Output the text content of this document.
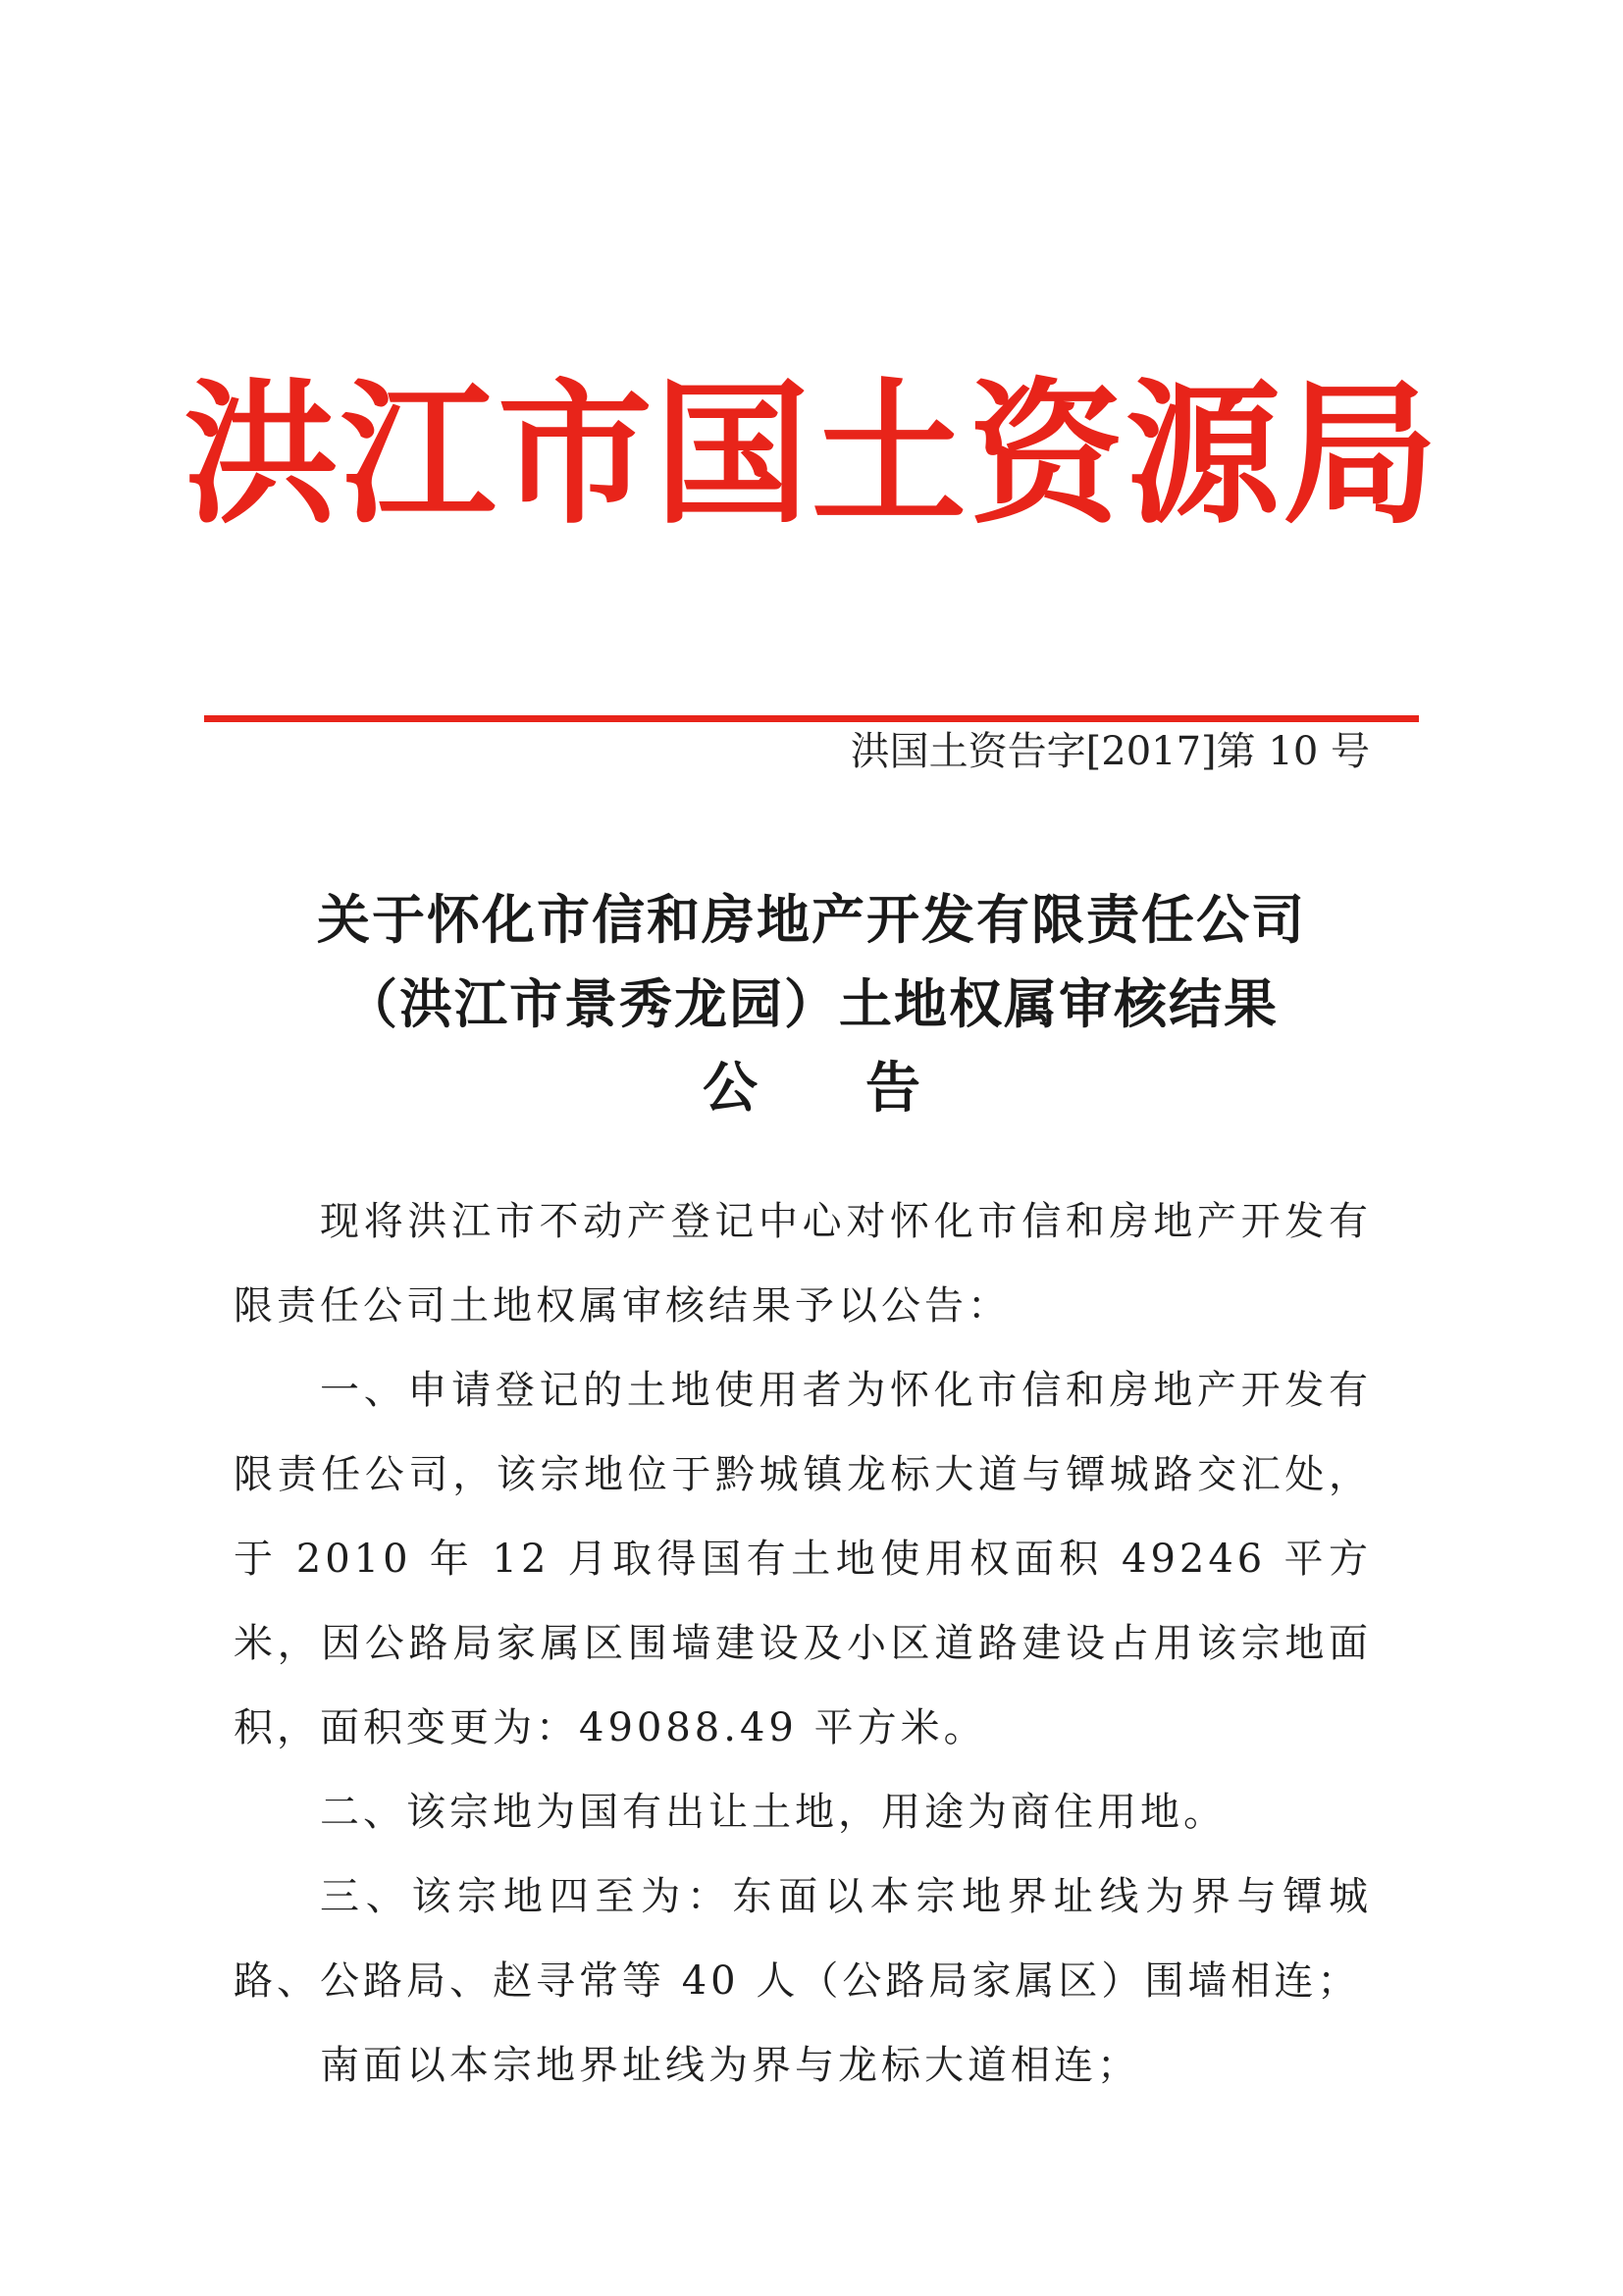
洪江市国土资源局
洪国土资告字[2017]第 10 号
关于怀化市信和房地产开发有限责任公司
（洪江市景秀龙园）土地权属审核结果
公告

现将洪江市不动产登记中心对怀化市信和房地产开发有限责任公司土地权属审核结果予以公告：

一、申请登记的土地使用者为怀化市信和房地产开发有限责任公司，该宗地位于黔城镇龙标大道与镡城路交汇处，于 2010 年 12 月取得国有土地使用权面积 49246 平方米，因公路局家属区围墙建设及小区道路建设占用该宗地面积，面积变更为：49088.49 平方米。

二、该宗地为国有出让土地，用途为商住用地。

三、该宗地四至为：东面以本宗地界址线为界与镡城路、公路局、赵寻常等 40 人（公路局家属区）围墙相连；

南面以本宗地界址线为界与龙标大道相连；
